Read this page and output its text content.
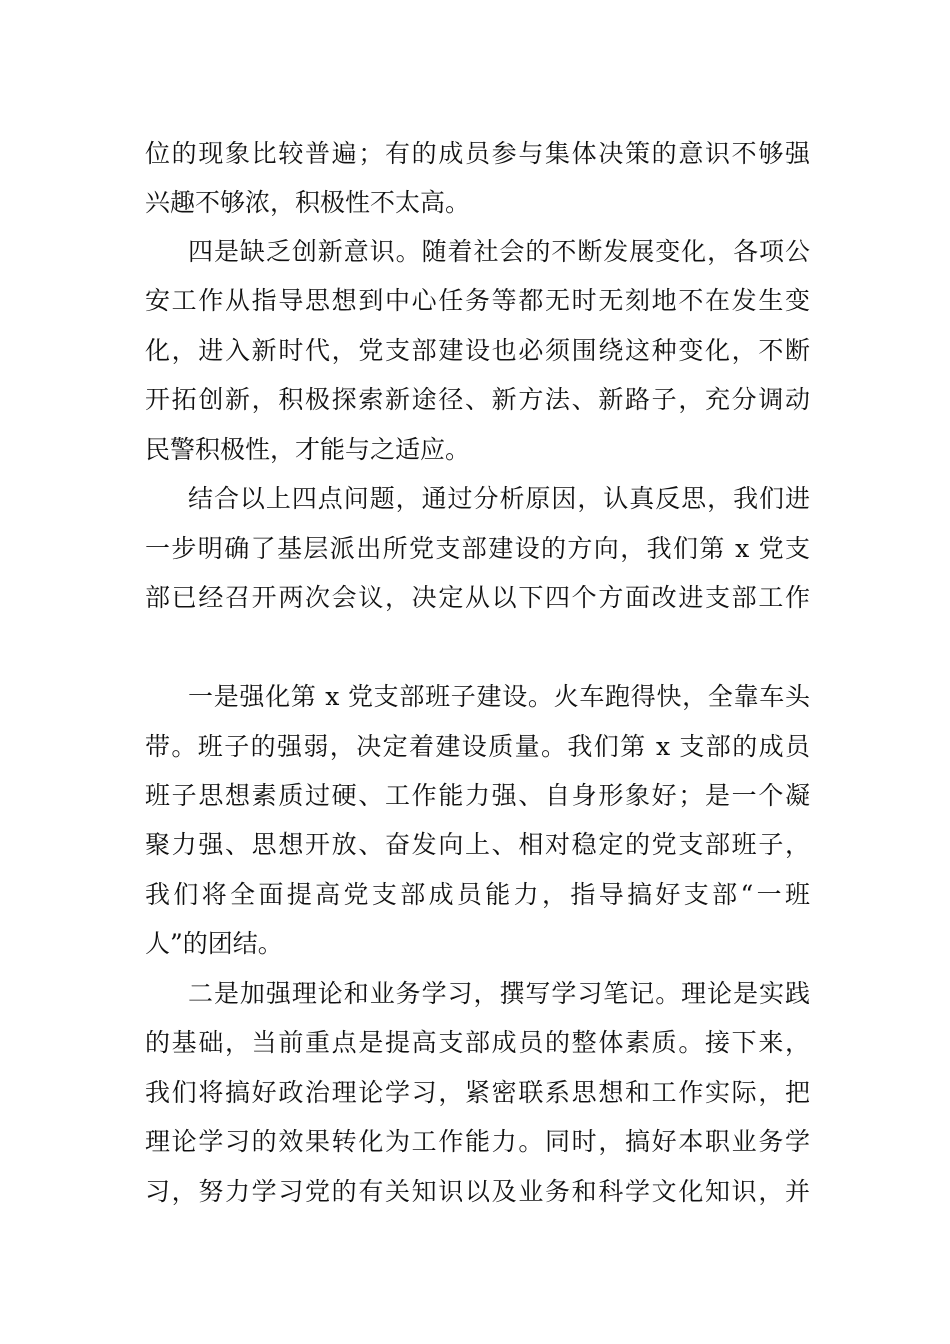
位的现象比较普遍；有的成员参与集体决策的意识不够强
兴趣不够浓，积极性不太高。
四是缺乏创新意识。随着社会的不断发展变化，各项公
安工作从指导思想到中心任务等都无时无刻地不在发生变
化，进入新时代，党支部建设也必须围绕这种变化，不断
开拓创新，积极探索新途径、新方法、新路子，充分调动
民警积极性，才能与之适应。
结合以上四点问题，通过分析原因，认真反思，我们进
一步明确了基层派出所党支部建设的方向，我们第 x 党支
部已经召开两次会议，决定从以下四个方面改进支部工作
一是强化第 x 党支部班子建设。火车跑得快，全靠车头
带。班子的强弱，决定着建设质量。我们第 x 支部的成员
班子思想素质过硬、工作能力强、自身形象好；是一个凝
聚力强、思想开放、奋发向上、相对稳定的党支部班子，
我们将全面提高党支部成员能力，指导搞好支部“一班
人”的团结。
二是加强理论和业务学习，撰写学习笔记。理论是实践
的基础，当前重点是提高支部成员的整体素质。接下来，
我们将搞好政治理论学习，紧密联系思想和工作实际，把
理论学习的效果转化为工作能力。同时，搞好本职业务学
习，努力学习党的有关知识以及业务和科学文化知识，并
